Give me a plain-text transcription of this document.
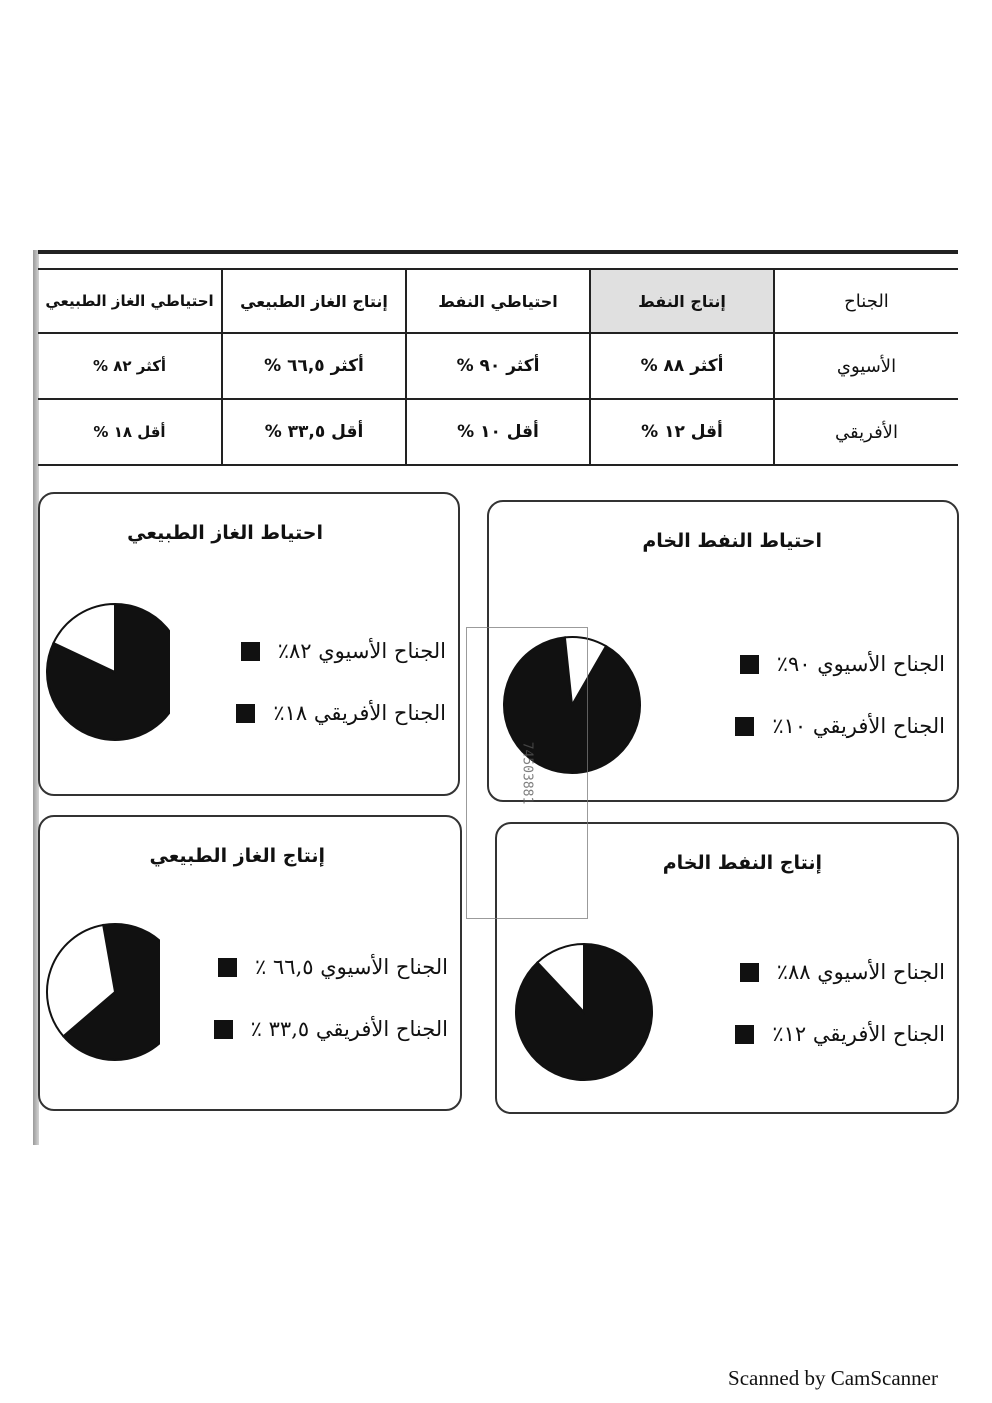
الجناح	إنتاج النفط	احتياطي النفط	إنتاج الغاز الطبيعي	احتياطي الغاز الطبيعي
الأسيوي	أكثر ٨٨ %	أكثر ٩٠ %	أكثر ٦٦,٥ %	أكثر ٨٢ %
الأفريقي	أقل ١٢ %	أقل ١٠ %	أقل ٣٣,٥ %	أقل ١٨ %
احتياط النفط الخام
الجناح الأسيوي ٩٠٪
الجناح الأفريقي ١٠٪
احتياط الغاز الطبيعي
الجناح الأسيوي ٨٢٪
الجناح الأفريقي ١٨٪
إنتاج النفط الخام
الجناح الأسيوي ٨٨٪
الجناح الأفريقي ١٢٪
إنتاج الغاز الطبيعي
الجناح الأسيوي ٦٦,٥ ٪
الجناح الأفريقي ٣٣,٥ ٪
74503881
Scanned by CamScanner
